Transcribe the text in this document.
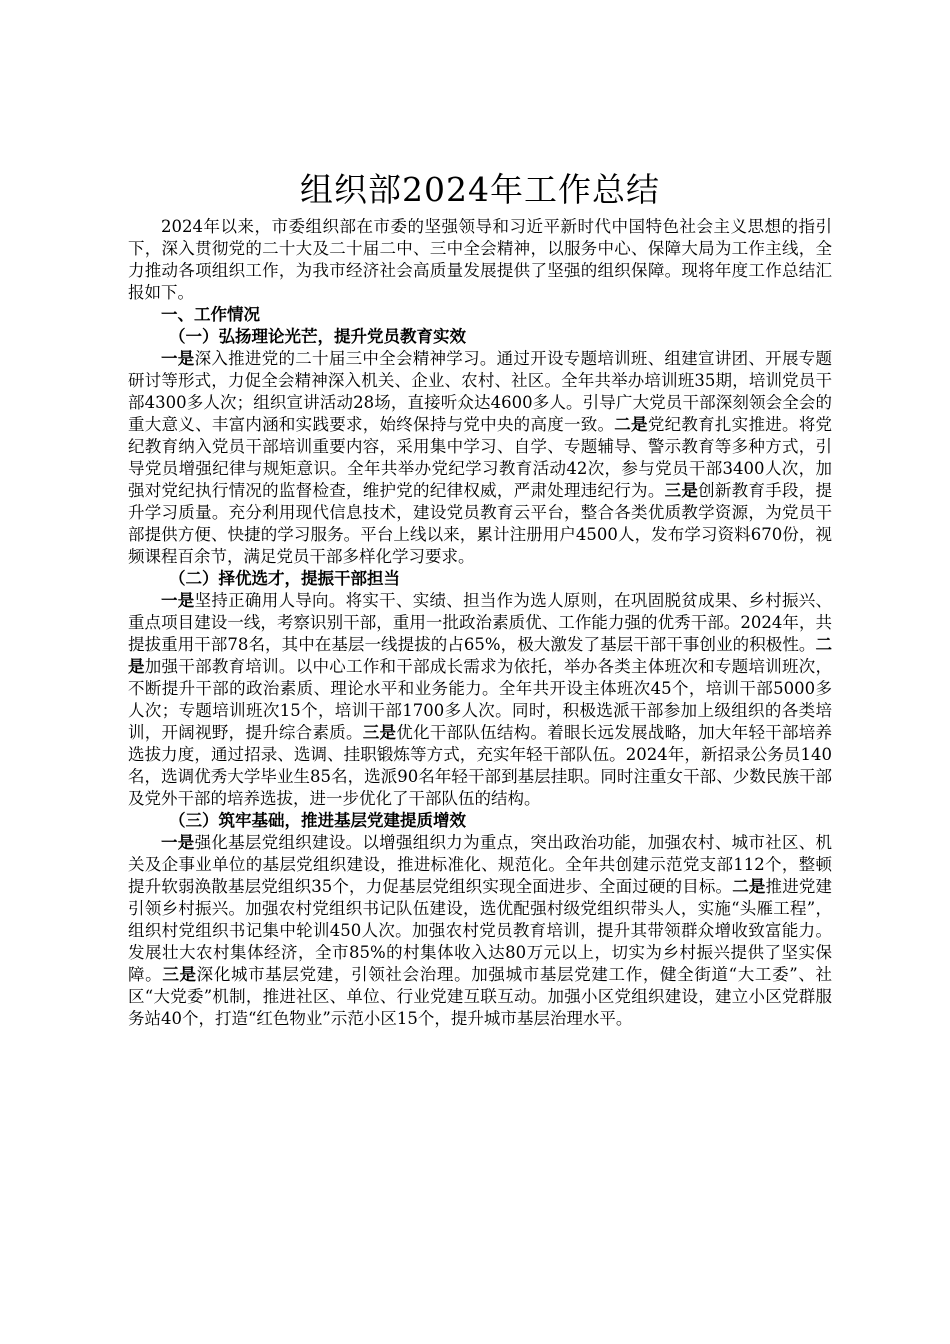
组织部2024年工作总结

2024年以来，市委组织部在市委的坚强领导和习近平新时代中国特色社会主义思想的指引下，深入贯彻党的二十大及二十届二中、三中全会精神，以服务中心、保障大局为工作主线，全力推动各项组织工作，为我市经济社会高质量发展提供了坚强的组织保障。现将年度工作总结汇报如下。

一、工作情况

（一）弘扬理论光芒，提升党员教育实效

一是深入推进党的二十届三中全会精神学习。通过开设专题培训班、组建宣讲团、开展专题研讨等形式，力促全会精神深入机关、企业、农村、社区。全年共举办培训班35期，培训党员干部4300多人次；组织宣讲活动28场，直接听众达4600多人。引导广大党员干部深刻领会全会的重大意义、丰富内涵和实践要求，始终保持与党中央的高度一致。二是党纪教育扎实推进。将党纪教育纳入党员干部培训重要内容，采用集中学习、自学、专题辅导、警示教育等多种方式，引导党员增强纪律与规矩意识。全年共举办党纪学习教育活动42次，参与党员干部3400人次，加强对党纪执行情况的监督检查，维护党的纪律权威，严肃处理违纪行为。三是创新教育手段，提升学习质量。充分利用现代信息技术，建设党员教育云平台，整合各类优质教学资源，为党员干部提供方便、快捷的学习服务。平台上线以来，累计注册用户4500人，发布学习资料670份，视频课程百余节，满足党员干部多样化学习要求。

（二）择优选才，提振干部担当

一是坚持正确用人导向。将实干、实绩、担当作为选人原则，在巩固脱贫成果、乡村振兴、重点项目建设一线，考察识别干部，重用一批政治素质优、工作能力强的优秀干部。2024年，共提拔重用干部78名，其中在基层一线提拔的占65%，极大激发了基层干部干事创业的积极性。二是加强干部教育培训。以中心工作和干部成长需求为依托，举办各类主体班次和专题培训班次，不断提升干部的政治素质、理论水平和业务能力。全年共开设主体班次45个，培训干部5000多人次；专题培训班次15个，培训干部1700多人次。同时，积极选派干部参加上级组织的各类培训，开阔视野，提升综合素质。三是优化干部队伍结构。着眼长远发展战略，加大年轻干部培养选拔力度，通过招录、选调、挂职锻炼等方式，充实年轻干部队伍。2024年，新招录公务员140名，选调优秀大学毕业生85名，选派90名年轻干部到基层挂职。同时注重女干部、少数民族干部及党外干部的培养选拔，进一步优化了干部队伍的结构。

（三）筑牢基础，推进基层党建提质增效

一是强化基层党组织建设。以增强组织力为重点，突出政治功能，加强农村、城市社区、机关及企事业单位的基层党组织建设，推进标准化、规范化。全年共创建示范党支部112个，整顿提升软弱涣散基层党组织35个，力促基层党组织实现全面进步、全面过硬的目标。二是推进党建引领乡村振兴。加强农村党组织书记队伍建设，选优配强村级党组织带头人，实施“头雁工程”，组织村党组织书记集中轮训450人次。加强农村党员教育培训，提升其带领群众增收致富能力。发展壮大农村集体经济，全市85%的村集体收入达80万元以上，切实为乡村振兴提供了坚实保障。三是深化城市基层党建，引领社会治理。加强城市基层党建工作，健全街道“大工委”、社区“大党委”机制，推进社区、单位、行业党建互联互动。加强小区党组织建设，建立小区党群服务站40个，打造“红色物业”示范小区15个，提升城市基层治理水平。
